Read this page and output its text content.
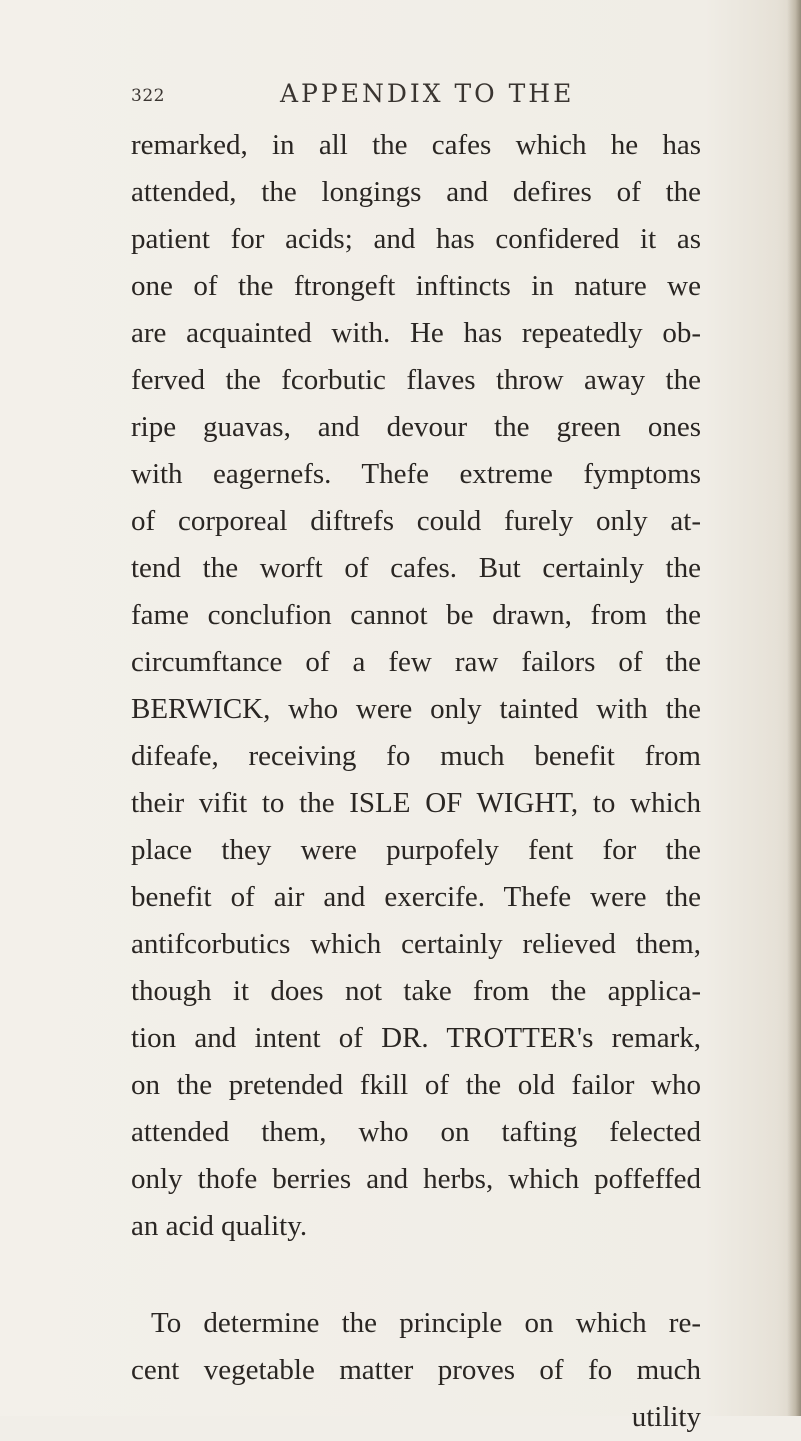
322	APPENDIX TO THE
remarked, in all the cafes which he has
attended, the longings and defires of the
patient for acids; and has confidered it as
one of the ftrongeft inftincts in nature we
are acquainted with. He has repeatedly ob-
ferved the fcorbutic flaves throw away the
ripe guavas, and devour the green ones
with eagernefs. Thefe extreme fymptoms
of corporeal diftrefs could furely only at-
tend the worft of cafes. But certainly the
fame conclufion cannot be drawn, from the
circumftance of a few raw failors of the
BERWICK, who were only tainted with the
difeafe, receiving fo much benefit from
their vifit to the ISLE OF WIGHT, to which
place they were purpofely fent for the
benefit of air and exercife. Thefe were the
antifcorbutics which certainly relieved them,
though it does not take from the applica-
tion and intent of DR. TROTTER's remark,
on the pretended fkill of the old failor who
attended them, who on tafting felected
only thofe berries and herbs, which poffeffed
an acid quality.
To determine the principle on which re-
cent vegetable matter proves of fo much
utility
